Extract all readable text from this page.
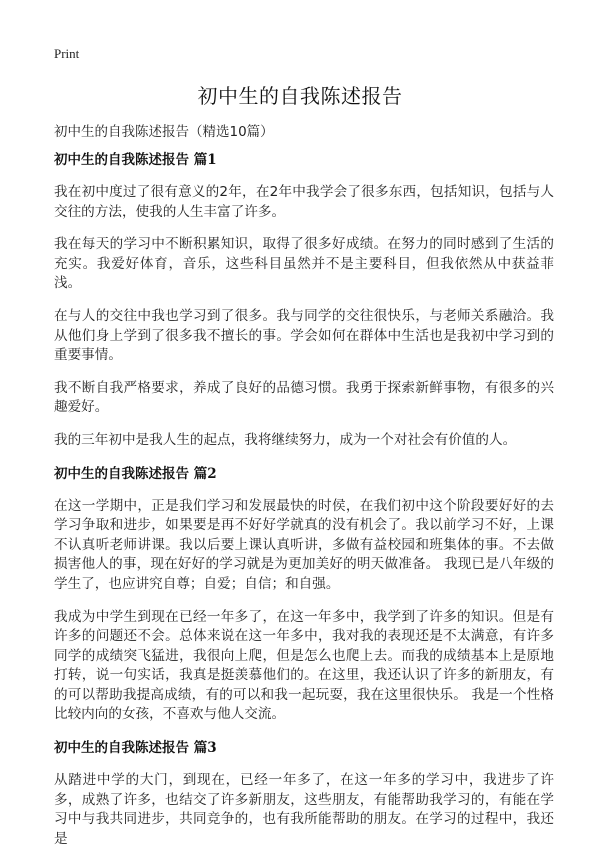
Print
初中生的自我陈述报告
初中生的自我陈述报告（精选10篇）
初中生的自我陈述报告 篇1

我在初中度过了很有意义的2年，在2年中我学会了很多东西，包括知识，包括与人交往的方法，使我的人生丰富了许多。

我在每天的学习中不断积累知识，取得了很多好成绩。在努力的同时感到了生活的充实。我爱好体育，音乐，这些科目虽然并不是主要科目，但我依然从中获益菲浅。

在与人的交往中我也学习到了很多。我与同学的交往很快乐，与老师关系融洽。我从他们身上学到了很多我不擅长的事。学会如何在群体中生活也是我初中学习到的重要事情。

我不断自我严格要求，养成了良好的品德习惯。我勇于探索新鲜事物，有很多的兴趣爱好。

我的三年初中是我人生的起点，我将继续努力，成为一个对社会有价值的人。

初中生的自我陈述报告 篇2

在这一学期中，正是我们学习和发展最快的时侯，在我们初中这个阶段要好好的去学习争取和进步，如果要是再不好好学就真的没有机会了。我以前学习不好，上课不认真听老师讲课。我以后要上课认真听讲，多做有益校园和班集体的事。不去做损害他人的事，现在好好的学习就是为更加美好的明天做准备。 我现已是八年级的学生了，也应讲究自尊；自爱；自信；和自强。

我成为中学生到现在已经一年多了，在这一年多中，我学到了许多的知识。但是有许多的问题还不会。总体来说在这一年多中，我对我的表现还是不太满意，有许多同学的成绩突飞猛进，我很向上爬，但是怎么也爬上去。而我的成绩基本上是原地打转，说一句实话，我真是挺羡慕他们的。在这里，我还认识了许多的新朋友，有的可以帮助我提高成绩，有的可以和我一起玩耍，我在这里很快乐。 我是一个性格比较内向的女孩，不喜欢与他人交流。

初中生的自我陈述报告 篇3

从踏进中学的大门，到现在，已经一年多了，在这一年多的学习中，我进步了许多，成熟了许多，也结交了许多新朋友，这些朋友，有能帮助我学习的，有能在学习中与我共同进步，共同竞争的，也有我所能帮助的朋友。在学习的过程中，我还是
